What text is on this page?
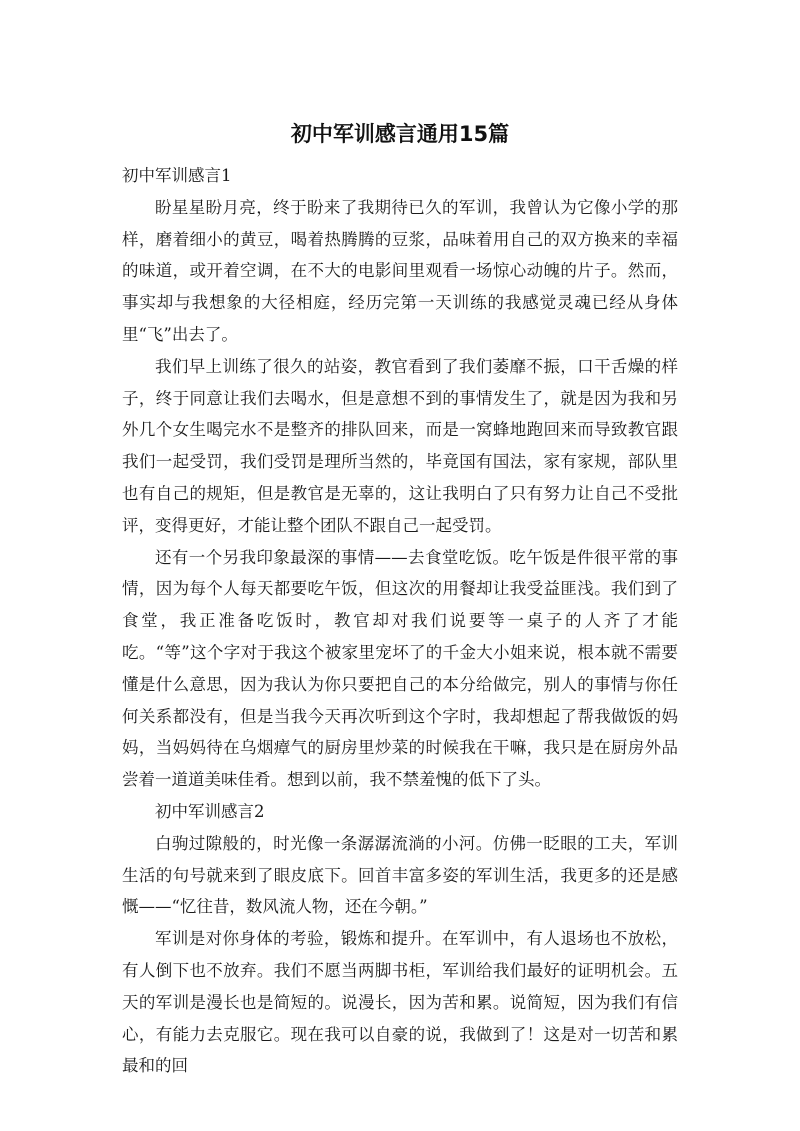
初中军训感言通用15篇

初中军训感言1

盼星星盼月亮，终于盼来了我期待已久的军训，我曾认为它像小学的那样，磨着细小的黄豆，喝着热腾腾的豆浆，品味着用自己的双方换来的幸福的味道，或开着空调，在不大的电影间里观看一场惊心动魄的片子。然而，事实却与我想象的大径相庭，经历完第一天训练的我感觉灵魂已经从身体里“飞”出去了。

我们早上训练了很久的站姿，教官看到了我们萎靡不振，口干舌燥的样子，终于同意让我们去喝水，但是意想不到的事情发生了，就是因为我和另外几个女生喝完水不是整齐的排队回来，而是一窝蜂地跑回来而导致教官跟我们一起受罚，我们受罚是理所当然的，毕竟国有国法，家有家规，部队里也有自己的规矩，但是教官是无辜的，这让我明白了只有努力让自己不受批评，变得更好，才能让整个团队不跟自己一起受罚。

还有一个另我印象最深的事情——去食堂吃饭。吃午饭是件很平常的事情，因为每个人每天都要吃午饭，但这次的用餐却让我受益匪浅。我们到了食堂，我正准备吃饭时，教官却对我们说要等一桌子的人齐了才能吃。“等”这个字对于我这个被家里宠坏了的千金大小姐来说，根本就不需要懂是什么意思，因为我认为你只要把自己的本分给做完，别人的事情与你任何关系都没有，但是当我今天再次听到这个字时，我却想起了帮我做饭的妈妈，当妈妈待在乌烟瘴气的厨房里炒菜的时候我在干嘛，我只是在厨房外品尝着一道道美味佳肴。想到以前，我不禁羞愧的低下了头。

初中军训感言2

白驹过隙般的，时光像一条潺潺流淌的小河。仿佛一眨眼的工夫，军训生活的句号就来到了眼皮底下。回首丰富多姿的军训生活，我更多的还是感慨——“忆往昔，数风流人物，还在今朝。”

军训是对你身体的考验，锻炼和提升。在军训中，有人退场也不放松，有人倒下也不放弃。我们不愿当两脚书柜，军训给我们最好的证明机会。五天的军训是漫长也是简短的。说漫长，因为苦和累。说简短，因为我们有信心，有能力去克服它。现在我可以自豪的说，我做到了！这是对一切苦和累最和的回
